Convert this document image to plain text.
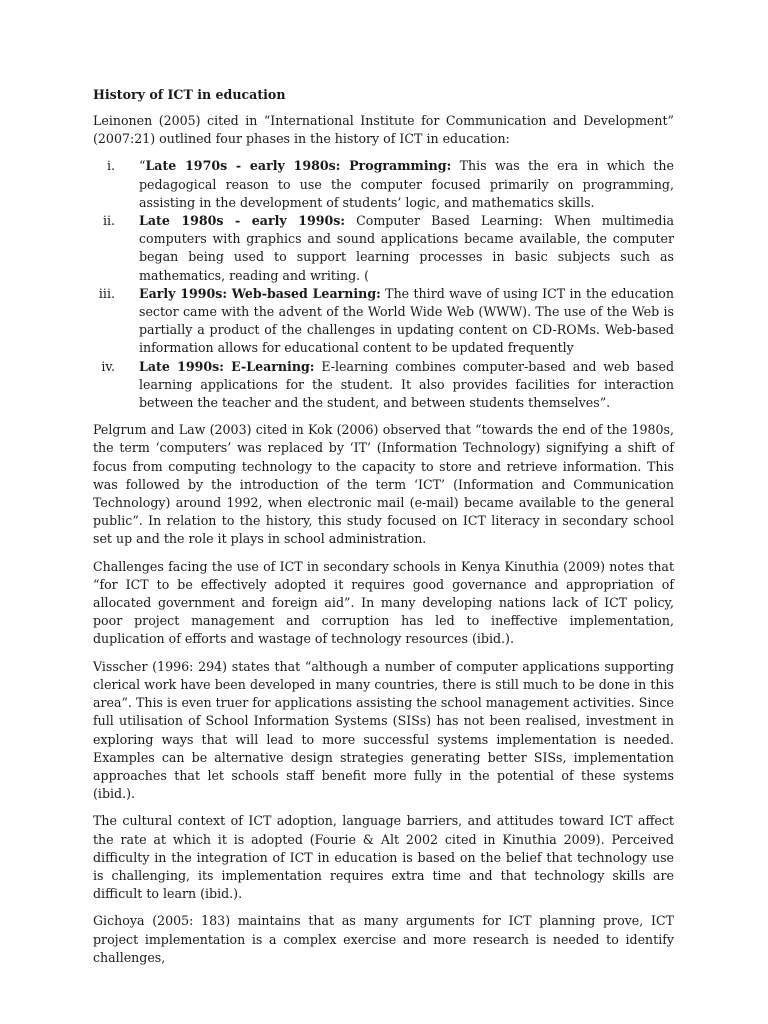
History of ICT in education

Leinonen (2005) cited in “International Institute for Communication and Development” (2007:21) outlined four phases in the history of ICT in education:

i. “Late 1970s - early 1980s: Programming: This was the era in which the pedagogical reason to use the computer focused primarily on programming, assisting in the development of students’ logic, and mathematics skills.
ii. Late 1980s - early 1990s: Computer Based Learning: When multimedia computers with graphics and sound applications became available, the computer began being used to support learning processes in basic subjects such as mathematics, reading and writing. (
iii. Early 1990s: Web-based Learning: The third wave of using ICT in the education sector came with the advent of the World Wide Web (WWW). The use of the Web is partially a product of the challenges in updating content on CD-ROMs. Web-based information allows for educational content to be updated frequently
iv. Late 1990s: E-Learning: E-learning combines computer-based and web based learning applications for the student. It also provides facilities for interaction between the teacher and the student, and between students themselves”.

Pelgrum and Law (2003) cited in Kok (2006) observed that “towards the end of the 1980s, the term ‘computers’ was replaced by ‘IT’ (Information Technology) signifying a shift of focus from computing technology to the capacity to store and retrieve information. This was followed by the introduction of the term ‘ICT’ (Information and Communication Technology) around 1992, when electronic mail (e-mail) became available to the general public”. In relation to the history, this study focused on ICT literacy in secondary school set up and the role it plays in school administration.

Challenges facing the use of ICT in secondary schools in Kenya Kinuthia (2009) notes that “for ICT to be effectively adopted it requires good governance and appropriation of allocated government and foreign aid”. In many developing nations lack of ICT policy, poor project management and corruption has led to ineffective implementation, duplication of efforts and wastage of technology resources (ibid.).

Visscher (1996: 294) states that “although a number of computer applications supporting clerical work have been developed in many countries, there is still much to be done in this area”. This is even truer for applications assisting the school management activities. Since full utilisation of School Information Systems (SISs) has not been realised, investment in exploring ways that will lead to more successful systems implementation is needed. Examples can be alternative design strategies generating better SISs, implementation approaches that let schools staff benefit more fully in the potential of these systems (ibid.).

The cultural context of ICT adoption, language barriers, and attitudes toward ICT affect the rate at which it is adopted (Fourie & Alt 2002 cited in Kinuthia 2009). Perceived difficulty in the integration of ICT in education is based on the belief that technology use is challenging, its implementation requires extra time and that technology skills are difficult to learn (ibid.).

Gichoya (2005: 183) maintains that as many arguments for ICT planning prove, ICT project implementation is a complex exercise and more research is needed to identify challenges,
